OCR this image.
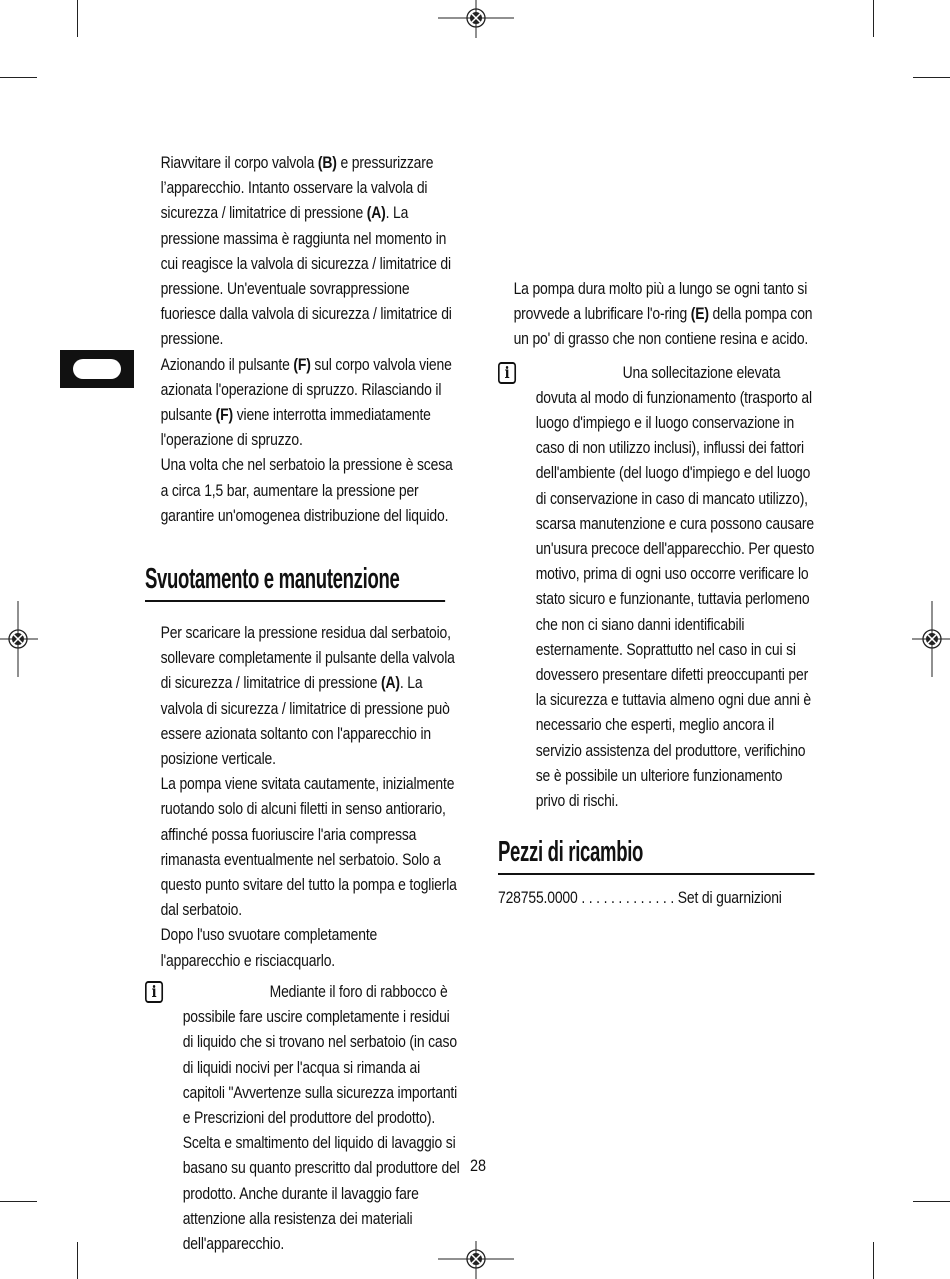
Riavvitare il corpo valvola (B) e pressurizzare l’apparecchio. Intanto osservare la valvola di sicurezza / limitatrice di pressione (A). La pressione massima è raggiunta nel momento in cui reagisce la valvola di sicurezza / limitatrice di pressione. Un'eventuale sovrappressione fuoriesce dalla valvola di sicurezza / limitatrice di pressione.

Azionando il pulsante (F) sul corpo valvola viene azionata l'operazione di spruzzo. Rilasciando il pulsante (F) viene interrotta immediatamente l'operazione di spruzzo.

Una volta che nel serbatoio la pressione è scesa a circa 1,5 bar, aumentare la pressione per garantire un'omogenea distribuzione del liquido.

Svuotamento e manutenzione

Per scaricare la pressione residua dal serbatoio, sollevare completamente il pulsante della valvola di sicurezza / limitatrice di pressione (A). La valvola di sicurezza / limitatrice di pressione può essere azionata soltanto con l'apparecchio in posizione verticale.

La pompa viene svitata cautamente, inizialmente ruotando solo di alcuni filetti in senso antiorario, affinché possa fuoriuscire l'aria compressa rimanasta eventualmente nel serbatoio. Solo a questo punto svitare del tutto la pompa e toglierla dal serbatoio.

Dopo l'uso svuotare completamente l'apparecchio e risciacquarlo.

i	Mediante il foro di rabbocco è possibile fare uscire completamente i residui di liquido che si trovano nel serbatoio (in caso di liquidi nocivi per l'acqua si rimanda ai capitoli "Avvertenze sulla sicurezza importanti e Prescrizioni del produttore del prodotto). Scelta e smaltimento del liquido di lavaggio si basano su quanto prescritto dal produttore del prodotto. Anche durante il lavaggio fare attenzione alla resistenza dei materiali dell'apparecchio.

La pompa dura molto più a lungo se ogni tanto si provvede a lubrificare l'o-ring (E) della pompa con un po' di grasso che non contiene resina e acido.

i	Una sollecitazione elevata dovuta al modo di funzionamento (trasporto al luogo d'impiego e il luogo conservazione in caso di non utilizzo inclusi), influssi dei fattori dell'ambiente (del luogo d'impiego e del luogo di conservazione in caso di mancato utilizzo), scarsa manutenzione e cura possono causare un'usura precoce dell'apparecchio. Per questo motivo, prima di ogni uso occorre verificare lo stato sicuro e funzionante, tuttavia perlomeno che non ci siano danni identificabili esternamente. Soprattutto nel caso in cui si dovessero presentare difetti preoccupanti per la sicurezza e tuttavia almeno ogni due anni è necessario che esperti, meglio ancora il servizio assistenza del produttore, verifichino se è possibile un ulteriore funzionamento privo di rischi.

Pezzi di ricambio

728755.0000 . . . . . . . . . . . . . Set di guarnizioni

28
